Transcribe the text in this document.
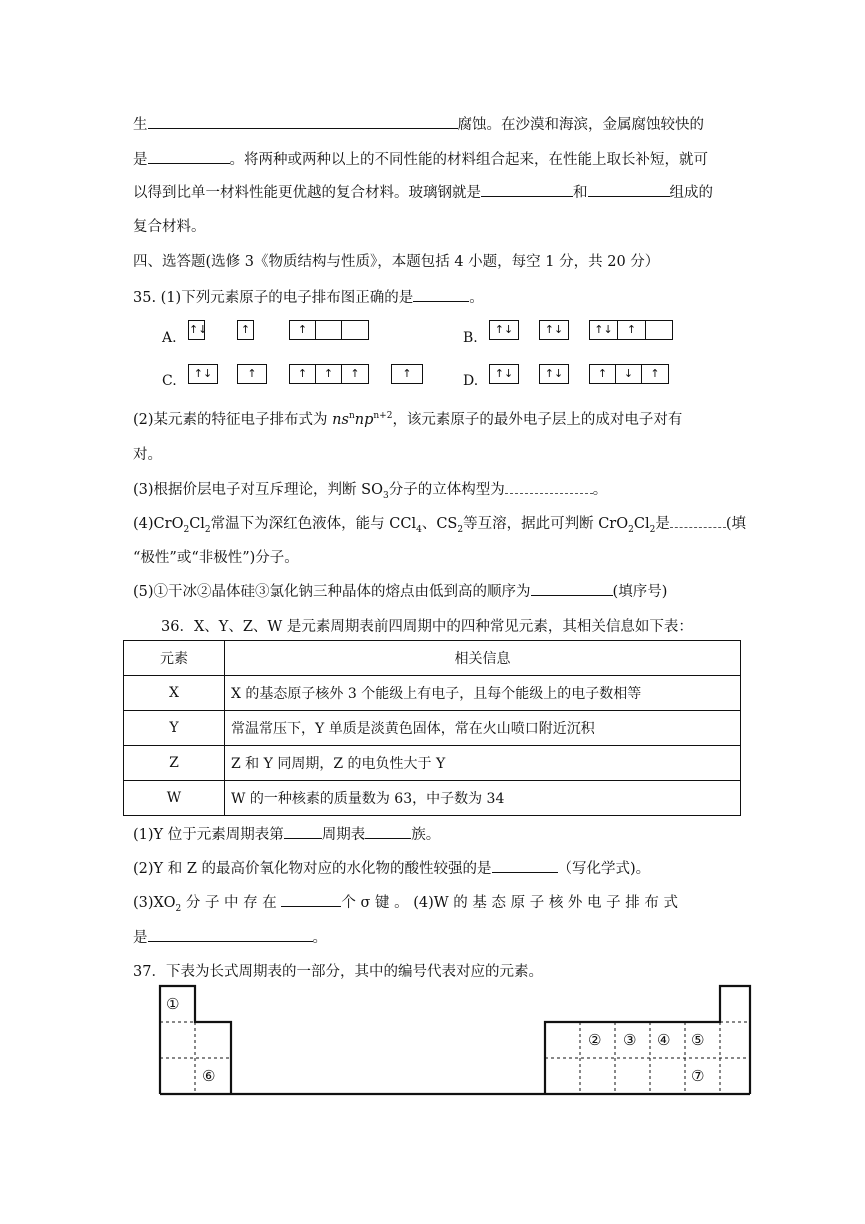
生	腐蚀。在沙漠和海滨，金属腐蚀较快的
是	。将两种或两种以上的不同性能的材料组合起来，在性能上取长补短，就可
以得到比单一材料性能更优越的复合材料。玻璃钢就是	和	组成的
复合材料。
四、选答题(选修 3《物质结构与性质》，本题包括 4 小题，每空 1 分，共 20 分）
35. (1)下列元素原子的电子排布图正确的是	。
A.
↑↓	↑	↑
B.
↑↓	↑↓	↑↓	↑
C.	↑↓	↑	↑	↑	↑	↑	D.	↑↓	↑↓	↑	↓	↑
(2)某元素的特征电子排布式为 $ns^nnp^{n+2}$，该元素原子的最外电子层上的成对电子对有
对。
(3)根据价层电子对互斥理论，判断 $SO_3$分子的立体构型为	。
$(4)CrO_2Cl_2$常温下为深红色液体，能与 CCl$_4$、$CS_2$等互溶，据此可判断 $CrO_2Cl_2$是	(填
“极性”或“非极性”)分子。
(5)①干冰②晶体硅③氯化钠三种晶体的熔点由低到高的顺序为	(填序号)
36．X、Y、Z、W 是元素周期表前四周期中的四种常见元素，其相关信息如下表：
元素	相关信息
X	X 的基态原子核外 3 个能级上有电子，且每个能级上的电子数相等
Y	常温常压下，Y 单质是淡黄色固体，常在火山喷口附近沉积
Z	Z 和 Y 同周期，Z 的电负性大于 Y
W	W 的一种核素的质量数为 63，中子数为 34
(1)Y 位于元素周期表第	周期表	族。
(2)Y 和 Z 的最高价氧化物对应的水化物的酸性较强的是	（写化学式)。
$(3)XO_2$ 分 子 中 存 在	个 σ 键 。 (4)W 的 基 态 原 子 核 外 电 子 排 布 式
是	。
37．下表为长式周期表的一部分，其中的编号代表对应的元素。
①
② ③ ④ ⑤
⑥	⑦
